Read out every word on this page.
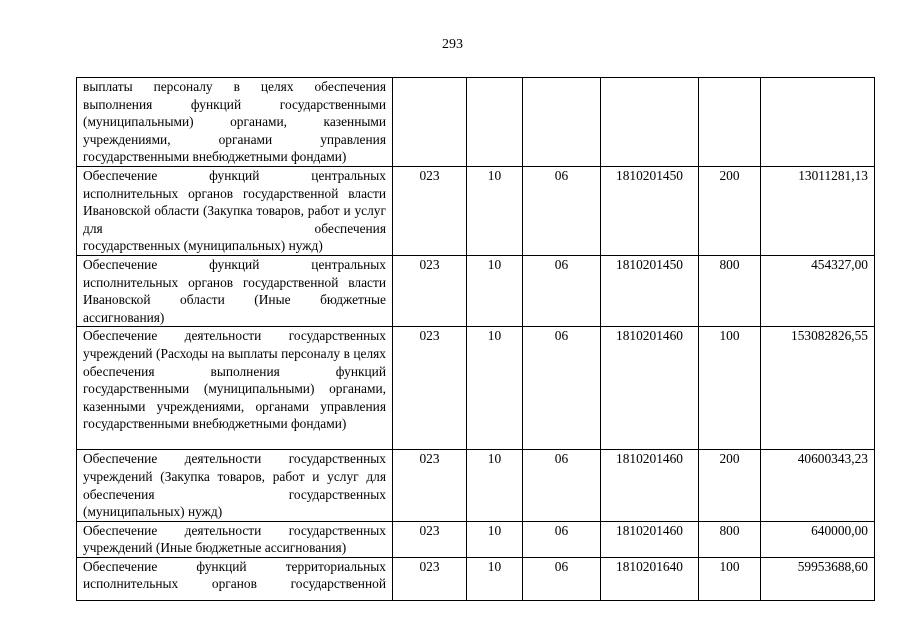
293
выплаты персоналу в целях обеспечения выполнения функций государственными (муниципальными) органами, казенными учреждениями, органами управления
государственными внебюджетными фондами)						

Обеспечение функций центральных исполнительных органов государственной власти Ивановской области (Закупка товаров, работ и услуг для обеспечения
государственных (муниципальных) нужд)	023	10	06	1810201450	200	13011281,13
Обеспечение функций центральных исполнительных органов государственной власти Ивановской области (Иные бюджетные
ассигнования)	023	10	06	1810201450	800	454327,00
Обеспечение деятельности государственных учреждений (Расходы на выплаты персоналу в целях обеспечения выполнения функций государственными (муниципальными) органами, казенными учреждениями, органами управления
государственными внебюджетными фондами)	023	10	06	1810201460	100	153082826,55
Обеспечение деятельности государственных учреждений (Закупка товаров, работ и услуг для обеспечения государственных
(муниципальных) нужд)	023	10	06	1810201460	200	40600343,23
Обеспечение деятельности государственных
учреждений (Иные бюджетные ассигнования)	023	10	06	1810201460	800	640000,00
Обеспечение функций территориальных исполнительных органов государственной	023	10	06	1810201640	100	59953688,60
